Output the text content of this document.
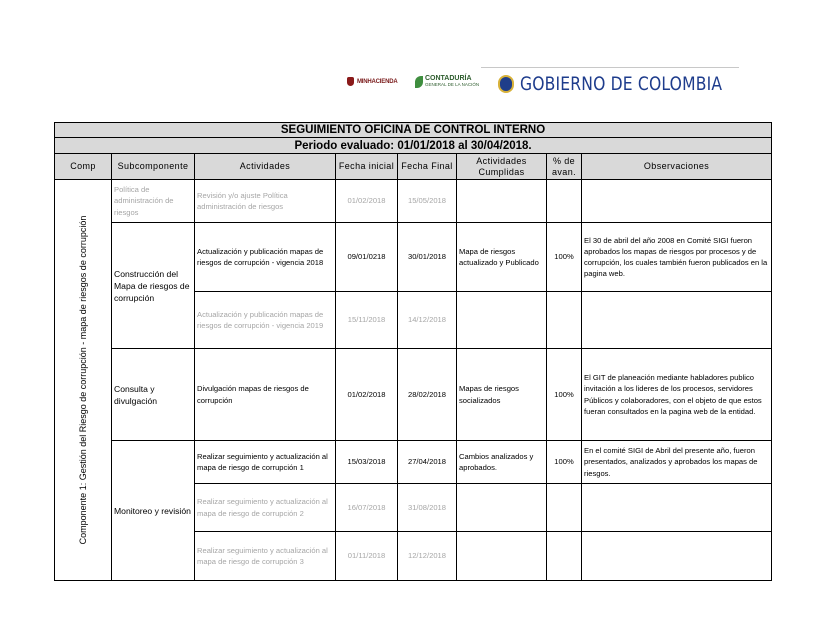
MINHACIENDA	CONTADURÍA
GENERAL DE LA NACIÓN GOBIERNO DE COLOMBIA
SEGUIMIENTO OFICINA DE CONTROL INTERNO							
Periodo evaluado: 01/01/2018 al 30/04/2018.							
Comp	Subcomponente	Actividades	Fecha inicial	Fecha Final	Actividades Cumplidas	% de avan.	Observaciones

Componente 1: Gestión del Riesgo de corrupción - mapa de riesgos de corrupción	Política de administración de riesgos	Revisión y/o ajuste Política administración de riesgos	01/02/2018	15/05/2018			
	Construcción del Mapa de riesgos de corrupción	Actualización y publicación mapas de riesgos de corrupción - vigencia 2018	09/01/0218	30/01/2018	Mapa de riesgos actualizado y Publicado	100%	El 30 de abril del año 2008 en Comité SIGI fueron aprobados los mapas de riesgos por procesos y de corrupción, los cuales también fueron publicados en la pagina web.
		Actualización y publicación mapas de riesgos de corrupción - vigencia 2019	15/11/2018	14/12/2018			
	Consulta y divulgación	Divulgación mapas de riesgos de corrupción	01/02/2018	28/02/2018	Mapas de riesgos socializados	100%	El GIT de planeación mediante habladores publico invitación a los lideres de los procesos, servidores Públicos y colaboradores, con el objeto de que estos fueran consultados en la pagina web de la entidad.
	Monitoreo y revisión	Realizar seguimiento y actualización al mapa de riesgo de corrupción 1	15/03/2018	27/04/2018	Cambios analizados y aprobados.	100%	En el comité SIGI de Abril del presente año, fueron presentados, analizados y aprobados los mapas de riesgos.
		Realizar seguimiento y actualización al mapa de riesgo de corrupción 2	16/07/2018	31/08/2018			
		Realizar seguimiento y actualización al mapa de riesgo de corrupción 3	01/11/2018	12/12/2018			
